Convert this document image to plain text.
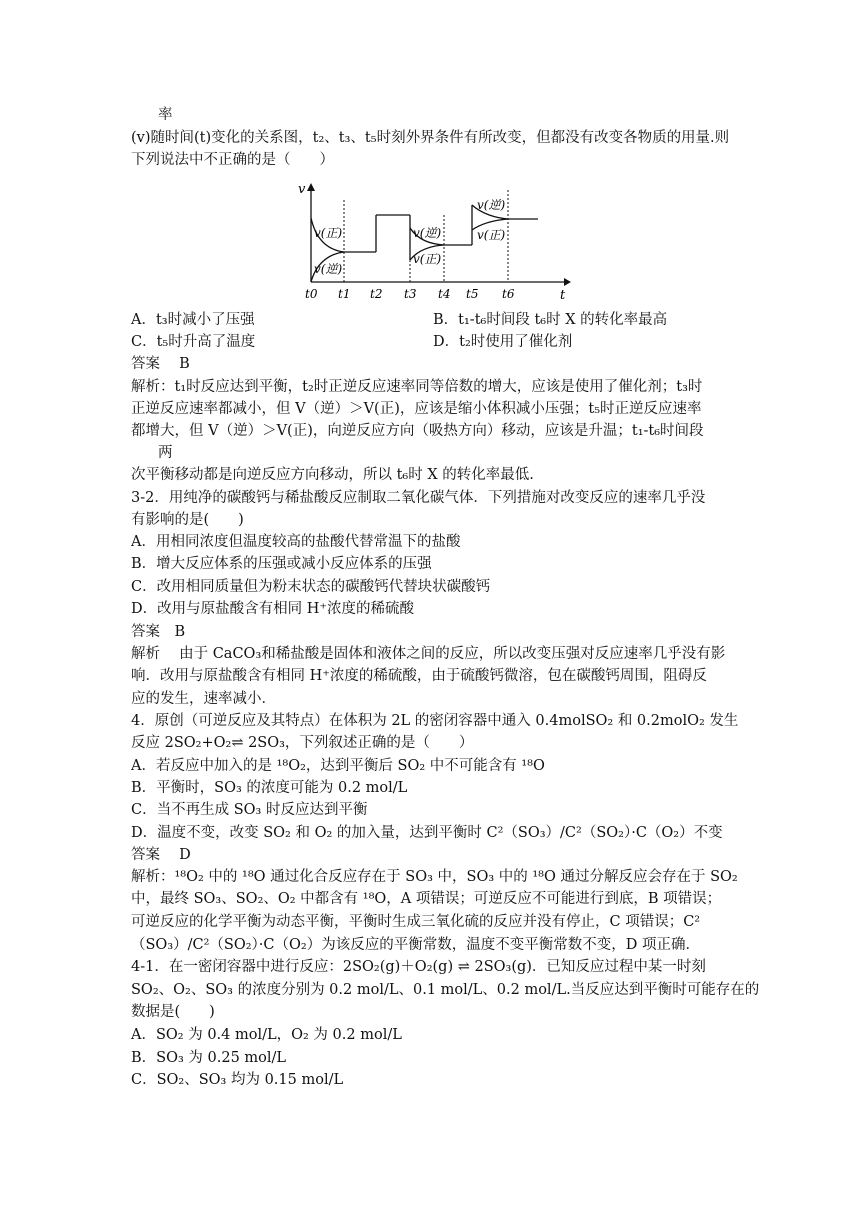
率
(v)随时间(t)变化的关系图，t₂、t₃、t₅时刻外界条件有所改变，但都没有改变各物质的用量.则
下列说法中不正确的是（　　）
v
t
v(正)
v(逆)
v(逆)
v(正)
v(逆)
v(正)
t0 t1 t2 t3 t4 t5 t6
A．t₃时减小了压强	B．t₁-t₆时间段 t₆时 X 的转化率最高
C．t₅时升高了温度	D．t₂时使用了催化剂
答案　 B
解析：t₁时反应达到平衡，t₂时正逆反应速率同等倍数的增大，应该是使用了催化剂；t₃时
正逆反应速率都减小，但 V（逆）＞V(正)，应该是缩小体积减小压强；t₅时正逆反应速率
都增大，但 V（逆）＞V(正)，向逆反应方向（吸热方向）移动，应该是升温；t₁-t₆时间段
两
次平衡移动都是向逆反应方向移动，所以 t₆时 X 的转化率最低.
3-2．用纯净的碳酸钙与稀盐酸反应制取二氧化碳气体．下列措施对改变反应的速率几乎没
有影响的是(　　)
A．用相同浓度但温度较高的盐酸代替常温下的盐酸
B．增大反应体系的压强或减小反应体系的压强
C．改用相同质量但为粉末状态的碳酸钙代替块状碳酸钙
D．改用与原盐酸含有相同 H⁺浓度的稀硫酸
答案　B
解析　 由于 CaCO₃和稀盐酸是固体和液体之间的反应，所以改变压强对反应速率几乎没有影
响．改用与原盐酸含有相同 H⁺浓度的稀硫酸，由于硫酸钙微溶，包在碳酸钙周围，阻碍反
应的发生，速率减小．
4．原创（可逆反应及其特点）在体积为 2L 的密闭容器中通入 0.4molSO₂ 和 0.2molO₂ 发生
反应 2SO₂+O₂⇌ 2SO₃，下列叙述正确的是（　　）
A．若反应中加入的是 ¹⁸O₂，达到平衡后 SO₂ 中不可能含有 ¹⁸O
B．平衡时，SO₃ 的浓度可能为 0.2 mol/L
C．当不再生成 SO₃ 时反应达到平衡
D．温度不变，改变 SO₂ 和 O₂ 的加入量，达到平衡时 C²（SO₃）/C²（SO₂）·C（O₂）不变
答案　 D
解析：¹⁸O₂ 中的 ¹⁸O 通过化合反应存在于 SO₃ 中，SO₃ 中的 ¹⁸O 通过分解反应会存在于 SO₂
中，最终 SO₃、SO₂、O₂ 中都含有 ¹⁸O，A 项错误；可逆反应不可能进行到底，B 项错误；
可逆反应的化学平衡为动态平衡，平衡时生成三氧化硫的反应并没有停止，C 项错误；C²
（SO₃）/C²（SO₂）·C（O₂）为该反应的平衡常数，温度不变平衡常数不变，D 项正确．
4-1．在一密闭容器中进行反应：2SO₂(g)＋O₂(g) ⇌ 2SO₃(g)．已知反应过程中某一时刻
SO₂、O₂、SO₃ 的浓度分别为 0.2 mol/L、0.1 mol/L、0.2 mol/L.当反应达到平衡时可能存在的
数据是(　　)
A．SO₂ 为 0.4 mol/L，O₂ 为 0.2 mol/L
B．SO₃ 为 0.25 mol/L
C．SO₂、SO₃ 均为 0.15 mol/L
